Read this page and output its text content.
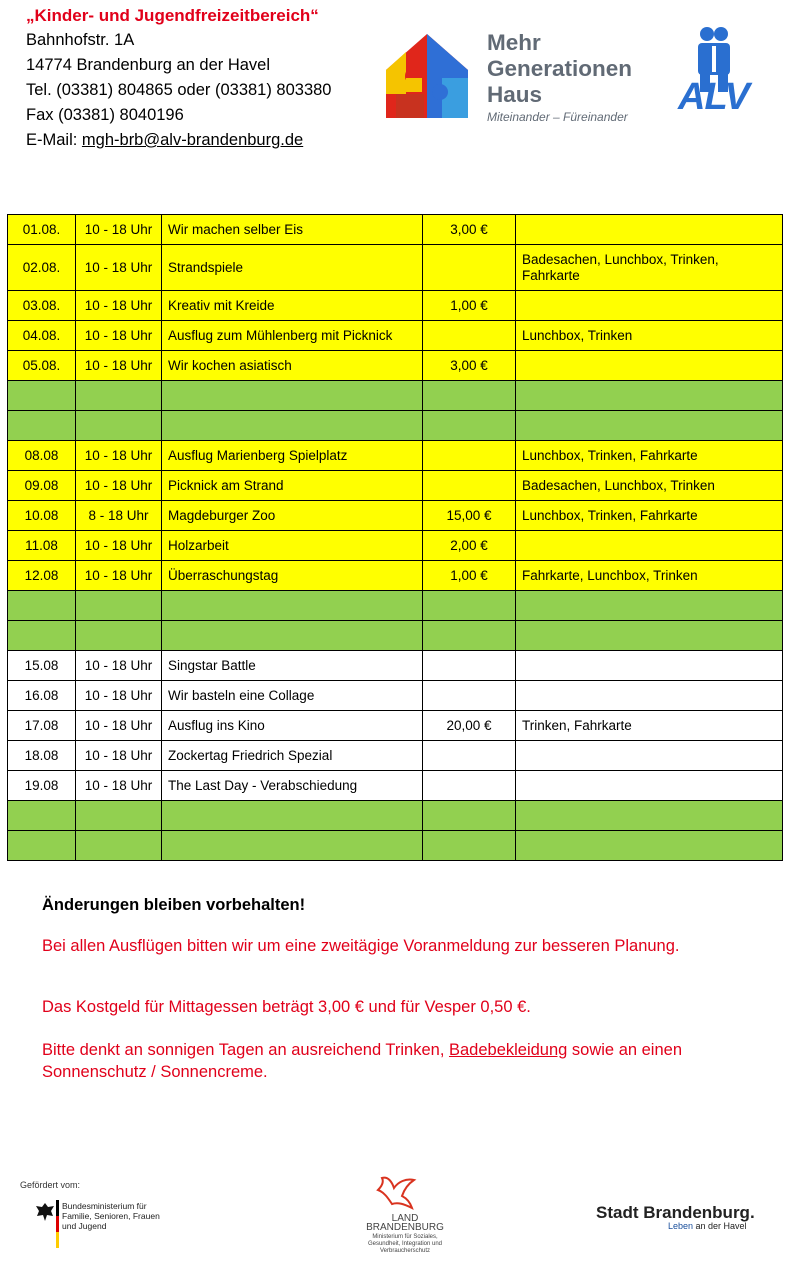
„Kinder- und Jugendfreizeitbereich“
Bahnhofstr. 1A
14774 Brandenburg an der Havel
Tel. (03381) 804865 oder (03381) 803380
Fax (03381) 8040196
E-Mail: mgh-brb@alv-brandenburg.de
Mehr
Generationen
Haus
Miteinander – Füreinander ALV
01.08.	10 - 18 Uhr	Wir machen selber Eis	3,00 €	
02.08.	10 - 18 Uhr	Strandspiele		Badesachen, Lunchbox, Trinken, Fahrkarte
03.08.	10 - 18 Uhr	Kreativ mit Kreide	1,00 €	
04.08.	10 - 18 Uhr	Ausflug zum Mühlenberg mit Picknick		Lunchbox, Trinken
05.08.	10 - 18 Uhr	Wir kochen asiatisch	3,00 €	

08.08	10 - 18 Uhr	Ausflug Marienberg Spielplatz		Lunchbox, Trinken, Fahrkarte
09.08	10 - 18 Uhr	Picknick am Strand		Badesachen, Lunchbox, Trinken
10.08	8 - 18 Uhr	Magdeburger Zoo	15,00 €	Lunchbox, Trinken, Fahrkarte
11.08	10 - 18 Uhr	Holzarbeit	2,00 €	
12.08	10 - 18 Uhr	Überraschungstag	1,00 €	Fahrkarte, Lunchbox, Trinken

15.08	10 - 18 Uhr	Singstar Battle		
16.08	10 - 18 Uhr	Wir basteln eine Collage		
17.08	10 - 18 Uhr	Ausflug ins Kino	20,00 €	Trinken, Fahrkarte
18.08	10 - 18 Uhr	Zockertag Friedrich Spezial		
19.08	10 - 18 Uhr	The Last Day - Verabschiedung		

Änderungen bleiben vorbehalten!
Bei allen Ausflügen bitten wir um eine zweitägige Voranmeldung zur besseren Planung.
Das Kostgeld für Mittagessen beträgt 3,00 € und für Vesper 0,50 €.
Bitte denkt an sonnigen Tagen an ausreichend Trinken, Badebekleidung sowie an einen Sonnenschutz / Sonnencreme.
Gefördert vom:
Bundesministerium für Familie, Senioren, Frauen und Jugend
LAND
BRANDENBURG
Ministerium für Soziales, Gesundheit, Integration und Verbraucherschutz
Stadt Brandenburg.
Leben an der Havel
